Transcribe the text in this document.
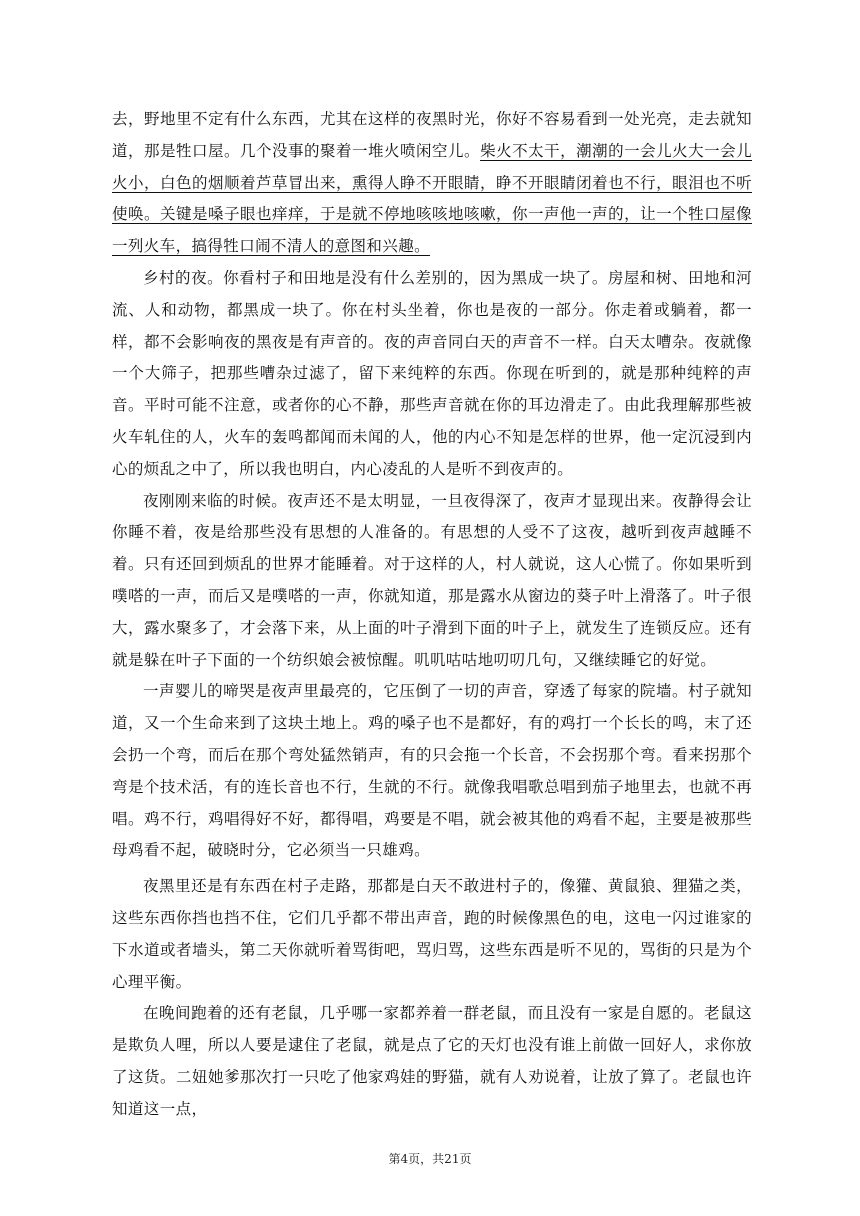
去，野地里不定有什么东西，尤其在这样的夜黑时光，你好不容易看到一处光亮，走去就知道，那是牲口屋。几个没事的聚着一堆火喷闲空儿。柴火不太干，潮潮的一会儿火大一会儿火小，白色的烟顺着芦草冒出来，熏得人睁不开眼睛，睁不开眼睛闭着也不行，眼泪也不听使唤。关键是嗓子眼也痒痒，于是就不停地咳咳地咳嗽，你一声他一声的，让一个牲口屋像一列火车，搞得牲口闹不清人的意图和兴趣。

乡村的夜。你看村子和田地是没有什么差别的，因为黑成一块了。房屋和树、田地和河流、人和动物，都黑成一块了。你在村头坐着，你也是夜的一部分。你走着或躺着，都一样，都不会影响夜的黑夜是有声音的。夜的声音同白天的声音不一样。白天太嘈杂。夜就像一个大筛子，把那些嘈杂过滤了，留下来纯粹的东西。你现在听到的，就是那种纯粹的声音。平时可能不注意，或者你的心不静，那些声音就在你的耳边滑走了。由此我理解那些被火车轧住的人，火车的轰鸣都闻而未闻的人，他的内心不知是怎样的世界，他一定沉浸到内心的烦乱之中了，所以我也明白，内心凌乱的人是听不到夜声的。

夜刚刚来临的时候。夜声还不是太明显，一旦夜得深了，夜声才显现出来。夜静得会让你睡不着，夜是给那些没有思想的人准备的。有思想的人受不了这夜，越听到夜声越睡不着。只有还回到烦乱的世界才能睡着。对于这样的人，村人就说，这人心慌了。你如果听到噗嗒的一声，而后又是噗嗒的一声，你就知道，那是露水从窗边的葵子叶上滑落了。叶子很大，露水聚多了，才会落下来，从上面的叶子滑到下面的叶子上，就发生了连锁反应。还有就是躲在叶子下面的一个纺织娘会被惊醒。叽叽咕咕地叨叨几句，又继续睡它的好觉。

一声婴儿的啼哭是夜声里最亮的，它压倒了一切的声音，穿透了每家的院墙。村子就知道，又一个生命来到了这块土地上。鸡的嗓子也不是都好，有的鸡打一个长长的鸣，末了还会扔一个弯，而后在那个弯处猛然销声，有的只会拖一个长音，不会拐那个弯。看来拐那个弯是个技术活，有的连长音也不行，生就的不行。就像我唱歌总唱到茄子地里去，也就不再唱。鸡不行，鸡唱得好不好，都得唱，鸡要是不唱，就会被其他的鸡看不起，主要是被那些母鸡看不起，破晓时分，它必须当一只雄鸡。

夜黑里还是有东西在村子走路，那都是白天不敢进村子的，像獾、黄鼠狼、狸猫之类，这些东西你挡也挡不住，它们几乎都不带出声音，跑的时候像黑色的电，这电一闪过谁家的下水道或者墙头，第二天你就听着骂街吧，骂归骂，这些东西是听不见的，骂街的只是为个心理平衡。

在晚间跑着的还有老鼠，几乎哪一家都养着一群老鼠，而且没有一家是自愿的。老鼠这是欺负人哩，所以人要是逮住了老鼠，就是点了它的天灯也没有谁上前做一回好人，求你放了这货。二妞她爹那次打一只吃了他家鸡娃的野猫，就有人劝说着，让放了算了。老鼠也许知道这一点，

第4页，共21页
